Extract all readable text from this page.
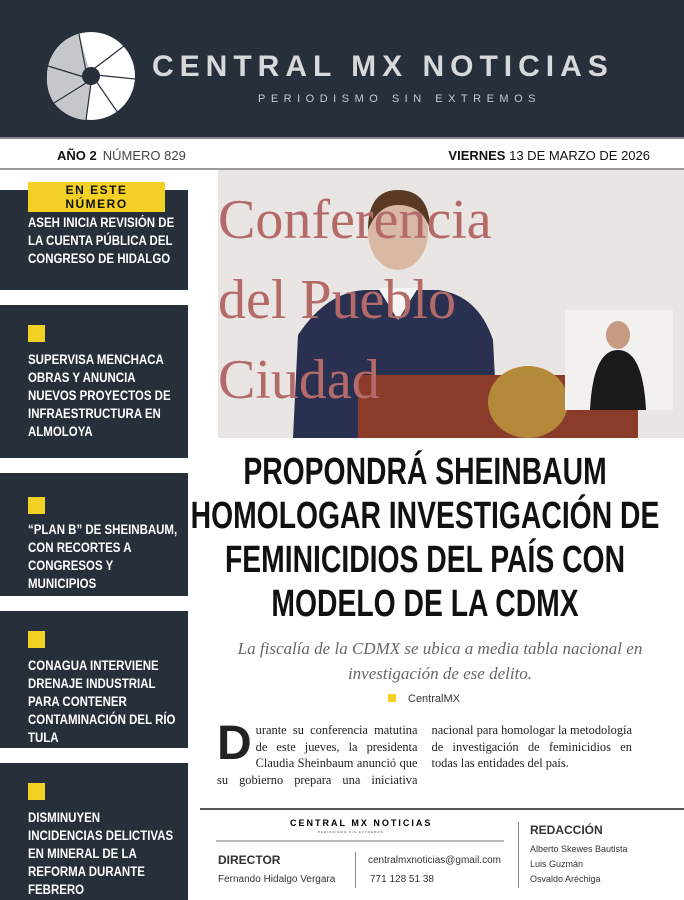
CENTRAL MX NOTICIAS
PERIODISMO SIN EXTREMOS
AÑO 2 NÚMERO 829	VIERNES 13 DE MARZO DE 2026
EN ESTE NÚMERO
ASEH INICIA REVISIÓN DE LA CUENTA PÚBLICA DEL CONGRESO DE HIDALGO
SUPERVISA MENCHACA OBRAS Y ANUNCIA NUEVOS PROYECTOS DE INFRAESTRUCTURA EN ALMOLOYA
“PLAN B” DE SHEINBAUM, CON RECORTES A CONGRESOS Y MUNICIPIOS
CONAGUA INTERVIENE DRENAJE INDUSTRIAL PARA CONTENER CONTAMINACIÓN DEL RÍO TULA
DISMINUYEN INCIDENCIAS DELICTIVAS EN MINERAL DE LA REFORMA DURANTE FEBRERO
Conferencia del Pueblo Ciudad
PROPONDRÁ SHEINBAUM HOMOLOGAR INVESTIGACIÓN DE FEMINICIDIOS DEL PAÍS CON MODELO DE LA CDMX
La fiscalía de la CDMX se ubica a media tabla nacional en investigación de ese delito.
CentralMX
Durante su conferencia matutina de este jueves, la presidenta Claudia Sheinbaum anunció que su gobierno prepara una iniciativa nacional para homologar la metodología de investigación de feminicidios en todas las entidades del país.
CENTRAL MX NOTICIAS
PERIODISMO SIN EXTREMOS
DIRECTOR
Fernando Hidalgo Vergara
centralmxnoticias@gmail.com
771 128 51 38
REDACCIÓN
Alberto Skewes Bautista
Luis Guzmán
Osvaldo Aréchiga
